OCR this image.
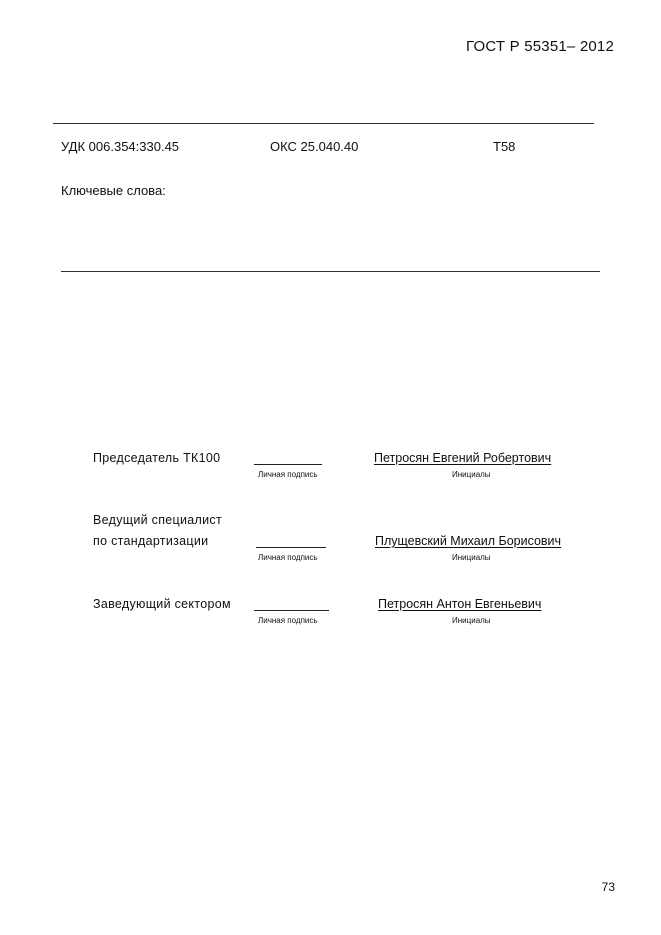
ГОСТ Р 55351– 2012
УДК 006.354:330.45	ОКС 25.040.40	Т58
Ключевые слова:
Председатель ТК100
Личная подпись
Петросян Евгений Робертович
Инициалы
Ведущий специалист
по стандартизации
Личная подпись
Плущевский Михаил Борисович
Инициалы
Заведующий сектором
Личная подпись
Петросян Антон Евгеньевич
Инициалы
73
